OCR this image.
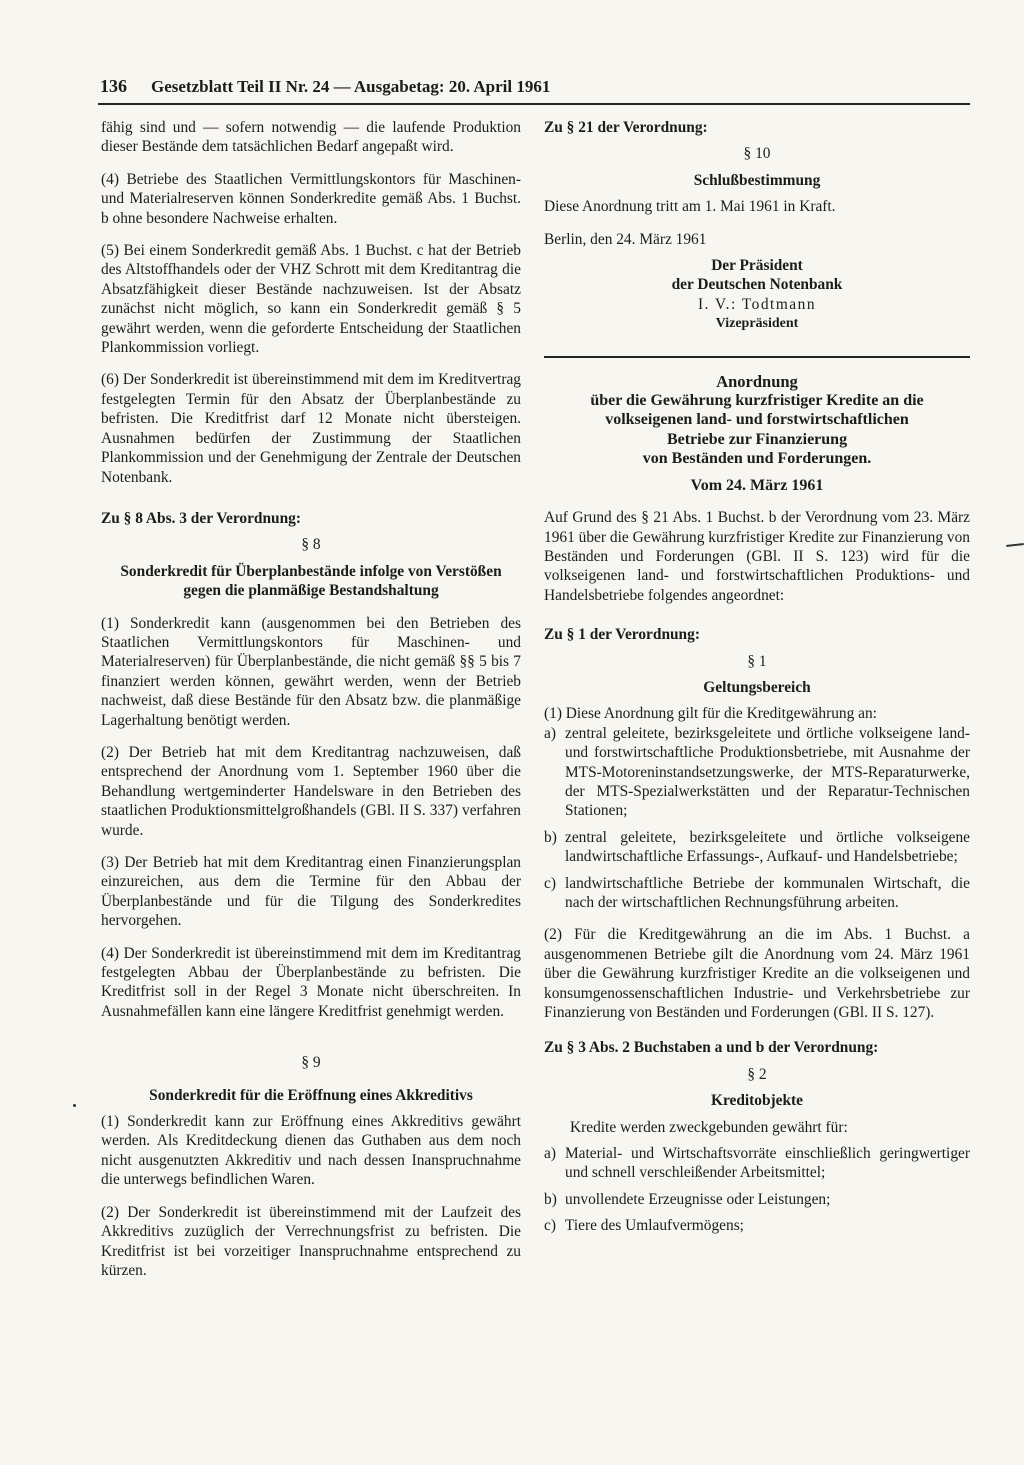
136 Gesetzblatt Teil II Nr. 24 — Ausgabetag: 20. April 1961

fähig sind und — sofern notwendig — die laufende Produktion dieser Bestände dem tatsächlichen Bedarf angepaßt wird.

(4) Betriebe des Staatlichen Vermittlungskontors für Maschinen- und Materialreserven können Sonderkredite gemäß Abs. 1 Buchst. b ohne besondere Nachweise erhalten.

(5) Bei einem Sonderkredit gemäß Abs. 1 Buchst. c hat der Betrieb des Altstoffhandels oder der VHZ Schrott mit dem Kreditantrag die Absatzfähigkeit dieser Bestände nachzuweisen. Ist der Absatz zunächst nicht möglich, so kann ein Sonderkredit gemäß § 5 gewährt werden, wenn die geforderte Entscheidung der Staatlichen Plankommission vorliegt.

(6) Der Sonderkredit ist übereinstimmend mit dem im Kreditvertrag festgelegten Termin für den Absatz der Überplanbestände zu befristen. Die Kreditfrist darf 12 Monate nicht übersteigen. Ausnahmen bedürfen der Zustimmung der Staatlichen Plankommission und der Genehmigung der Zentrale der Deutschen Notenbank.

Zu § 8 Abs. 3 der Verordnung:

§ 8

Sonderkredit für Überplanbestände infolge von Verstößen gegen die planmäßige Bestandshaltung

(1) Sonderkredit kann (ausgenommen bei den Betrieben des Staatlichen Vermittlungskontors für Maschinen- und Materialreserven) für Überplanbestände, die nicht gemäß §§ 5 bis 7 finanziert werden können, gewährt werden, wenn der Betrieb nachweist, daß diese Bestände für den Absatz bzw. die planmäßige Lagerhaltung benötigt werden.

(2) Der Betrieb hat mit dem Kreditantrag nachzuweisen, daß entsprechend der Anordnung vom 1. September 1960 über die Behandlung wertgeminderter Handelsware in den Betrieben des staatlichen Produktionsmittelgroßhandels (GBl. II S. 337) verfahren wurde.

(3) Der Betrieb hat mit dem Kreditantrag einen Finanzierungsplan einzureichen, aus dem die Termine für den Abbau der Überplanbestände und für die Tilgung des Sonderkredites hervorgehen.

(4) Der Sonderkredit ist übereinstimmend mit dem im Kreditantrag festgelegten Abbau der Überplanbestände zu befristen. Die Kreditfrist soll in der Regel 3 Monate nicht überschreiten. In Ausnahmefällen kann eine längere Kreditfrist genehmigt werden.

§ 9

Sonderkredit für die Eröffnung eines Akkreditivs

(1) Sonderkredit kann zur Eröffnung eines Akkreditivs gewährt werden. Als Kreditdeckung dienen das Guthaben aus dem noch nicht ausgenutzten Akkreditiv und nach dessen Inanspruchnahme die unterwegs befindlichen Waren.

(2) Der Sonderkredit ist übereinstimmend mit der Laufzeit des Akkreditivs zuzüglich der Verrechnungsfrist zu befristen. Die Kreditfrist ist bei vorzeitiger Inanspruchnahme entsprechend zu kürzen.

Zu § 21 der Verordnung:

§ 10

Schlußbestimmung

Diese Anordnung tritt am 1. Mai 1961 in Kraft.

Berlin, den 24. März 1961

Der Präsident

der Deutschen Notenbank

I. V.: Todtmann

Vizepräsident

Anordnung

über die Gewährung kurzfristiger Kredite an die

volkseigenen land- und forstwirtschaftlichen

Betriebe zur Finanzierung

von Beständen und Forderungen.

Vom 24. März 1961

Auf Grund des § 21 Abs. 1 Buchst. b der Verordnung vom 23. März 1961 über die Gewährung kurzfristiger Kredite zur Finanzierung von Beständen und Forderungen (GBl. II S. 123) wird für die volkseigenen land- und forstwirtschaftlichen Produktions- und Handelsbetriebe folgendes angeordnet:

Zu § 1 der Verordnung:

§ 1

Geltungsbereich

(1) Diese Anordnung gilt für die Kreditgewährung an:

a) zentral geleitete, bezirksgeleitete und örtliche volkseigene land- und forstwirtschaftliche Produktionsbetriebe, mit Ausnahme der MTS-Motoreninstandsetzungswerke, der MTS-Reparaturwerke, der MTS-Spezialwerkstätten und der Reparatur-Technischen Stationen;
b) zentral geleitete, bezirksgeleitete und örtliche volkseigene landwirtschaftliche Erfassungs-, Aufkauf- und Handelsbetriebe;
c) landwirtschaftliche Betriebe der kommunalen Wirtschaft, die nach der wirtschaftlichen Rechnungsführung arbeiten.

(2) Für die Kreditgewährung an die im Abs. 1 Buchst. a ausgenommenen Betriebe gilt die Anordnung vom 24. März 1961 über die Gewährung kurzfristiger Kredite an die volkseigenen und konsumgenossenschaftlichen Industrie- und Verkehrsbetriebe zur Finanzierung von Beständen und Forderungen (GBl. II S. 127).

Zu § 3 Abs. 2 Buchstaben a und b der Verordnung:

§ 2

Kreditobjekte

Kredite werden zweckgebunden gewährt für:

a) Material- und Wirtschaftsvorräte einschließlich geringwertiger und schnell verschleißender Arbeitsmittel;
b) unvollendete Erzeugnisse oder Leistungen;
c) Tiere des Umlaufvermögens;
